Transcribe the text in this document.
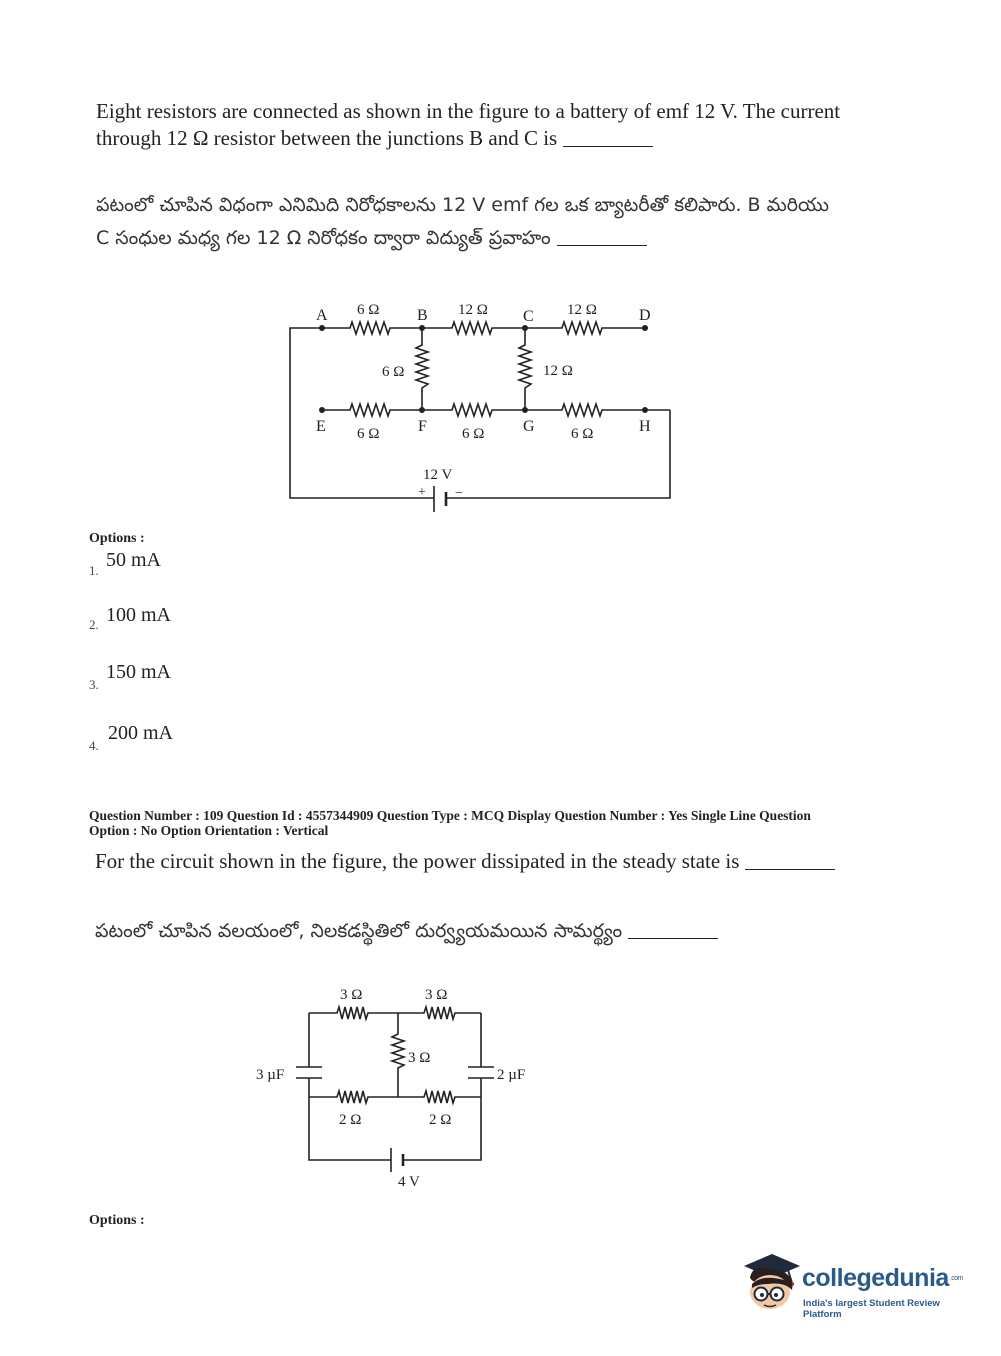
Eight resistors are connected as shown in the figure to a battery of emf 12 V. The current through 12 Ω resistor between the junctions B and C is
పటంలో చూపిన విధంగా ఎనిమిది నిరోధకాలను 12 V emf గల ఒక బ్యాటరీతో కలిపారు. B మరియు
C సంధుల మధ్య గల 12 Ω నిరోధకం ద్వారా విద్యుత్ ప్రవాహం
A	B	C	D
E	F	G	H
6 Ω	12 Ω	12 Ω
6 Ω	12 Ω
6 Ω	6 Ω	6 Ω
12 V
+ −
Options :
1. 50 mA
2. 100 mA
3.
150 mA
4.
200 mA
Question Number : 109 Question Id : 4557344909 Question Type : MCQ Display Question Number : Yes Single Line Question
Option : No Option Orientation : Vertical
For the circuit shown in the figure, the power dissipated in the steady state is
పటంలో చూపిన వలయంలో, నిలకడస్థితిలో దుర్వ్యయమయిన సామర్థ్యం
3 Ω	3 Ω
3 Ω
2 Ω	2 Ω
3 µF	2 µF
4 V
Options :
collegedunia$^{.com}$
India's largest Student Review Platform
